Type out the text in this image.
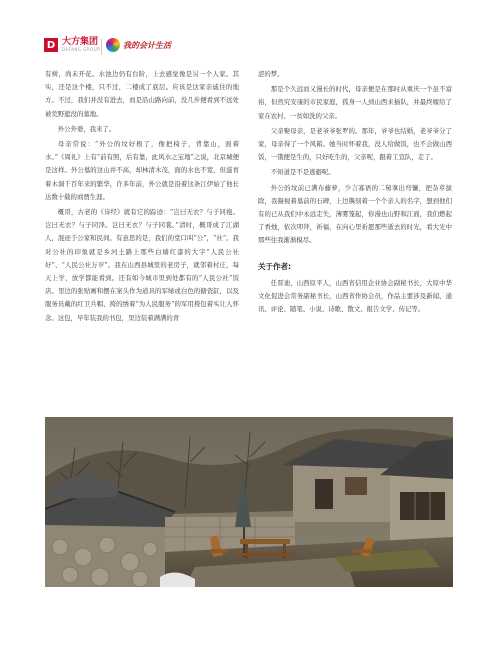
D 大方集团
DAFANG GROUP	我的会计生活

有树，尚未开花。水池边仍有台阶，上去感觉像是另一个人家。其实，还是这个楼，只不过，二楼成了底层。应该是这家亲戚住的地方。不过，我们并没有进去，而是沿山路向前，没几步便看到不远处被荒野遮没的墓地。

外公外婆，我来了。

母亲常说：“外公的坟好极了，像把椅子，背靠山，面着水。”《周礼》上有“前有照，后有靠，此风水之宝地”之说，北京城便是这样。外公墓的这山并不高，却林清木茂，面的水也不宽，但滋育着木洞千百年来的繁华，许多年前，外公就是沿着这条江伊始了他长达数十载的商贾生涯。

概哥，古老的《诗经》就有它的踪迹：“岂曰无衣？与子同袍。岂曰无衣？与子同泽。岂曰无衣？与子同裳。”清时，概哥成了江湖人，混迹于公家和民间。有意思的是，我们的堂口叫“公”，“社”。我对公社的印象就是乡河土路上那些白墙红漆的大字“人民公社好”、“人民公社万岁”。我在山西县城里的老房子，就邻着村庄，每天上学、放学都能看到。还有如今城市里到处都有的“人民公社”饭店。里边的张贴画和摆在案头作为道具的军绿或白色的搪瓷缸，以及服务员戴的红卫兵帽、挎的绣着“为人民服务”的军用挎包着实让人怀念。这包，早年装我的书包，里边装着满满的青

涩的梦。

那是个久远而又漫长的时代，母亲便是在那时从重庆一个虽不富裕，但然究安康的市民家庭，孤身一人到山西来插队，并最终嫁给了家在农村、一贫如洗的父亲。

父亲娶母亲，是老爷爷张罗的。那年，爷爷也结婚，老爷爷分了家，母亲得了一个风箱。她当时怀着我，没人给做饭，也不会做山西饭，一饿便是生的，只好吃生的，父亲呢，跟着工宣队，走了。

不知道是不是逃避呢。

外公的坟前已满布藤萝，少言寡语的二舅拿出弯镰，把杂草拔除，我凝视着墓前的石碑，上边镌刻着一个个亲人的名字，想到他们有的已从我们中永远走失，薄雾笼起，你漫也山野和江面，我们燃起了香烛，依次叩拜，祈福，在向心里祈愿那些逝去的时光，看大光中那些往我渐渐模尽。

关于作者:

任晋迪，山西原平人，山西省信用企业协会副秘书长，大原中华文化促进会常务副秘书长，山西省作协会员，作品主要涉及新闻、通讯、评论、随笔、小说、诗歌、散文、报告文学、传记等。
